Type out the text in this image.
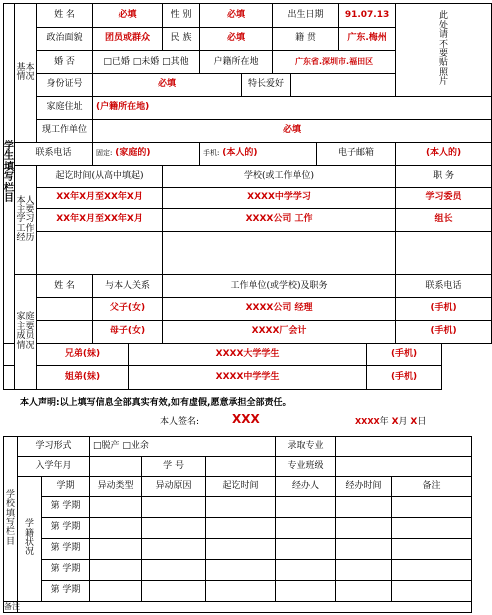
学生填写栏目	基本情况	姓 名	必填		性 别	必填		出生日期			91.07.13		此处请不要贴照片

		政治面貌	团员或群众		民 族	必填		籍 贯			广东.梅州		
		婚 否	□已婚 □未婚 □其他			户籍所在地		广东省.深圳市.福田区					
		身份证号	必填				特长爱好						
		家庭住址	(户籍所在地)										
		现工作单位	必填										
	联系电话		固定: (家庭的)			手机: (本人的)				电子邮箱			(本人的)

	本人主要学习工作经历	起讫时间(从高中填起)			学校(或工作单位)								职 务
		XX年X月至XX年X月			XXXX中学学习								学习委员
		XX年X月至XX年X月			XXXX公司 工作								组长

	家庭主要成员情况	姓 名	与本人关系		工作单位(或学校)及职务								联系电话
			父子(女)		XXXX公司 经理								(手机)
			母子(女)		XXXX厂会计								(手机)
		兄弟(妹)		XXXX大学学生								(手机)	
		姐弟(妹)		XXXX中学学生								(手机)	
本人声明:以上填写信息全部真实有效,如有虚假,愿意承担全部责任。
本人签名:	XXX	XXXX年 X月 X日
学校填写栏目	学习形式		□脱产 □业余			录取专业		
	入学年月			学 号		专业班级		

	学籍状况	学期	异动类型	异动原因	起讫时间	经办人	经办时间	备注
		第 学期						
		第 学期						
		第 学期						
		第 学期						
		第 学期						
备注								
